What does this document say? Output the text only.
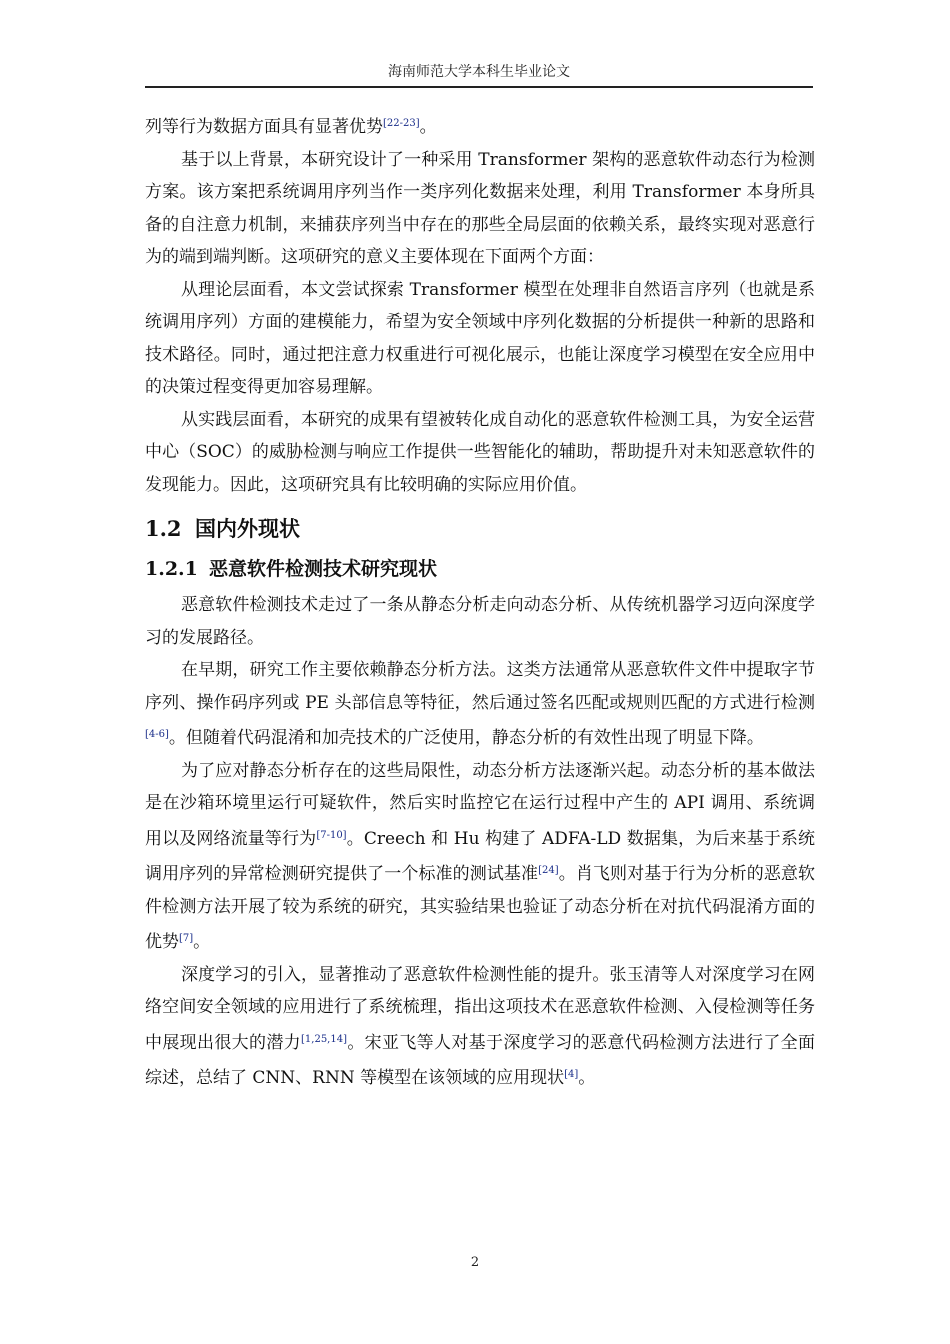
海南师范大学本科生毕业论文

列等行为数据方面具有显著优势[22-23]。

基于以上背景，本研究设计了一种采用 Transformer 架构的恶意软件动态行为检测方案。该方案把系统调用序列当作一类序列化数据来处理，利用 Transformer 本身所具备的自注意力机制，来捕获序列当中存在的那些全局层面的依赖关系，最终实现对恶意行为的端到端判断。这项研究的意义主要体现在下面两个方面：

从理论层面看，本文尝试探索 Transformer 模型在处理非自然语言序列（也就是系统调用序列）方面的建模能力，希望为安全领域中序列化数据的分析提供一种新的思路和技术路径。同时，通过把注意力权重进行可视化展示，也能让深度学习模型在安全应用中的决策过程变得更加容易理解。

从实践层面看，本研究的成果有望被转化成自动化的恶意软件检测工具，为安全运营中心（SOC）的威胁检测与响应工作提供一些智能化的辅助，帮助提升对未知恶意软件的发现能力。因此，这项研究具有比较明确的实际应用价值。

1.2 国内外现状
1.2.1 恶意软件检测技术研究现状

恶意软件检测技术走过了一条从静态分析走向动态分析、从传统机器学习迈向深度学习的发展路径。

在早期，研究工作主要依赖静态分析方法。这类方法通常从恶意软件文件中提取字节序列、操作码序列或 PE 头部信息等特征，然后通过签名匹配或规则匹配的方式进行检测[4-6]。但随着代码混淆和加壳技术的广泛使用，静态分析的有效性出现了明显下降。

为了应对静态分析存在的这些局限性，动态分析方法逐渐兴起。动态分析的基本做法是在沙箱环境里运行可疑软件，然后实时监控它在运行过程中产生的 API 调用、系统调用以及网络流量等行为[7-10]。Creech 和 Hu 构建了 ADFA-LD 数据集，为后来基于系统调用序列的异常检测研究提供了一个标准的测试基准[24]。肖飞则对基于行为分析的恶意软件检测方法开展了较为系统的研究，其实验结果也验证了动态分析在对抗代码混淆方面的优势[7]。

深度学习的引入，显著推动了恶意软件检测性能的提升。张玉清等人对深度学习在网络空间安全领域的应用进行了系统梳理，指出这项技术在恶意软件检测、入侵检测等任务中展现出很大的潜力[1,25,14]。宋亚飞等人对基于深度学习的恶意代码检测方法进行了全面综述，总结了 CNN、RNN 等模型在该领域的应用现状[4]。

2
